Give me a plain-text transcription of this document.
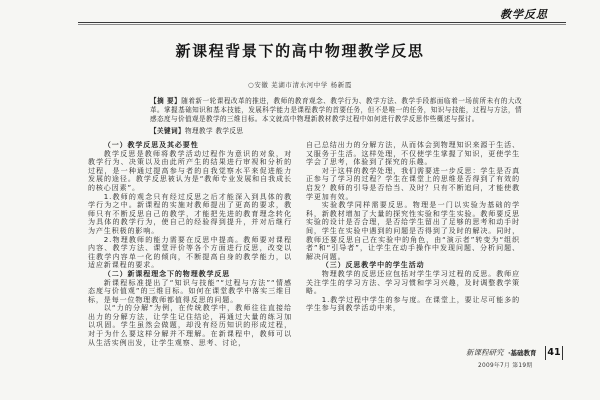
教学反思
新课程背景下的高中物理教学反思
○安徽 芜湖市清水河中学 杨新霞
【摘 要】随着新一轮课程改革的推进，教师的教育观念、教学行为、教学方法、教学手段都面临着一场前所未有的大改革。掌握基础知识和基本技能，发展科学能力是课程教学的首要任务，但不是唯一的任务，知识与技能，过程与方法，情感态度与价值观是教学的三维目标。本文就高中物理新教材教学过程中如何进行教学反思作些概述与探讨。
【关键词】物理教学 教学反思

（一）教学反思及其必要性

教学反思是教师将教学活动过程作为意识的对象，对教学行为、决策以及由此所产生的结果进行审视和分析的过程，是一种通过提高参与者的自我觉察水平来促进能力发展的途径。教学反思被认为是“教师专业发展和自我成长的核心因素”。

1.教师的观念只有经过反思之后才能深入到具体的教学行为之中。新课程的实施对教师提出了更高的要求，教师只有不断反思自己的教学，才能把先进的教育理念转化为具体的教学行为，使自己的经验得到提升，并对后继行为产生积极的影响。

2.物理教师的能力需要在反思中提高。教师要对课程内容、教学方法、课堂评价等各个方面进行反思，改变以往教学内容单一化的倾向，不断提高自身的教学能力，以适应新课程的要求。

（二）新课程理念下的物理教学反思

新课程标准提出了“知识与技能”“过程与方法”“情感态度与价值观”的三维目标。如何在课堂教学中落实三维目标，是每一位物理教师都值得反思的问题。

以“力的分解”为例，在传统教学中，教师往往直接给出力的分解方法，让学生记住结论，再通过大量的练习加以巩固。学生虽然会做题，却没有经历知识的形成过程，对于为什么要这样分解并不理解。在新课程中，教师可以从生活实例出发，让学生观察、思考、讨论，

自己总结出力的分解方法，从而体会到物理知识来源于生活、又服务于生活。这样处理，不仅使学生掌握了知识，更使学生学会了思考，体验到了探究的乐趣。

对于这样的教学处理，我们需要进一步反思：学生是否真正参与了学习的过程？学生在课堂上的思维是否得到了有效的启发？教师的引导是否恰当、及时？只有不断追问，才能使教学更加有效。

实验教学同样需要反思。物理是一门以实验为基础的学科，新教材增加了大量的探究性实验和学生实验。教师要反思实验的设计是否合理，是否给学生留出了足够的思考和动手时间，学生在实验中遇到的问题是否得到了及时的解决。同时，教师还要反思自己在实验中的角色，由“演示者”转变为“组织者”和“引导者”，让学生在动手操作中发现问题、分析问题、解决问题。

（三）反思教学中的学生活动

物理教学的反思还应包括对学生学习过程的反思。教师应关注学生的学习方法、学习习惯和学习兴趣，及时调整教学策略。

1.教学过程中学生的参与度。在课堂上，要让尽可能多的学生参与到教学活动中来，

新课程研究 ·基础教育
2009年7月 第19期
41
